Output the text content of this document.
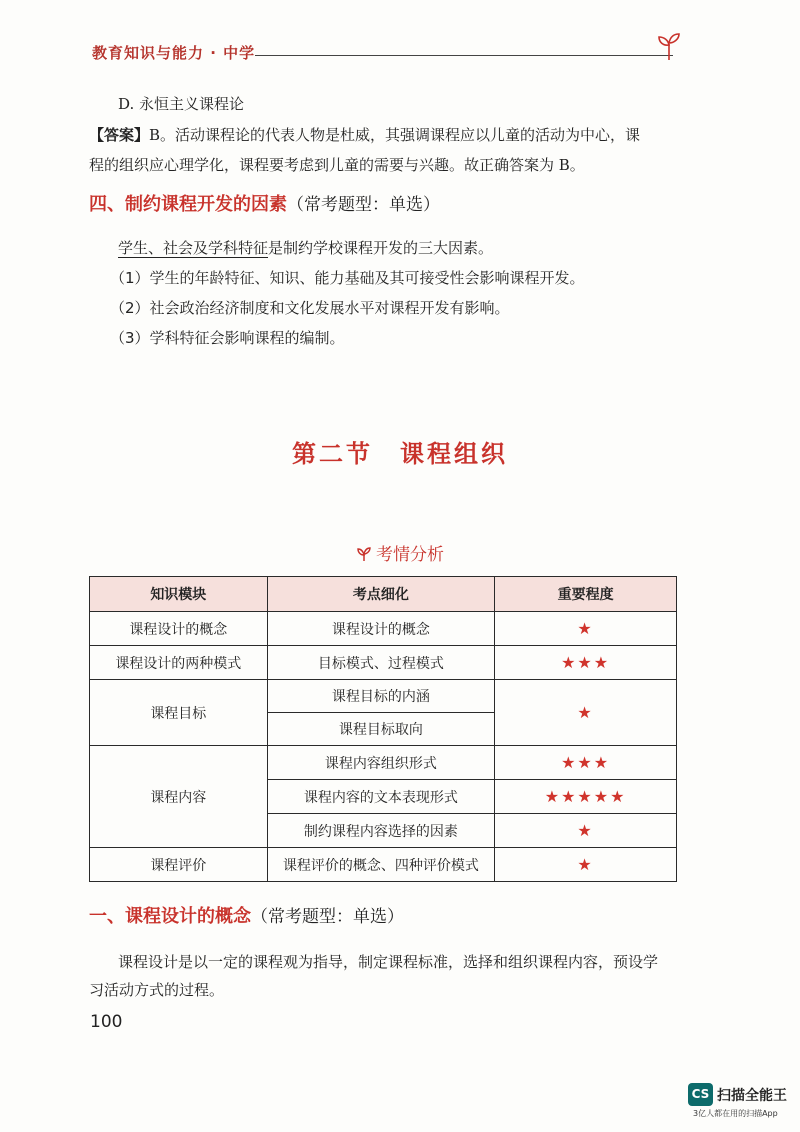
教育知识与能力 · 中学
D. 永恒主义课程论
【答案】B。活动课程论的代表人物是杜威，其强调课程应以儿童的活动为中心，课
程的组织应心理学化，课程要考虑到儿童的需要与兴趣。故正确答案为 B。
四、制约课程开发的因素（常考题型：单选）
学生、社会及学科特征是制约学校课程开发的三大因素。
（1）学生的年龄特征、知识、能力基础及其可接受性会影响课程开发。
（2）社会政治经济制度和文化发展水平对课程开发有影响。
（3）学科特征会影响课程的编制。
第二节　课程组织
考情分析
知识模块	考点细化	重要程度
课程设计的概念	课程设计的概念	★
课程设计的两种模式	目标模式、过程模式	★★★
课程目标	课程目标的内涵	★
	课程目标取向	
课程内容	课程内容组织形式	★★★
	课程内容的文本表现形式	★★★★★
	制约课程内容选择的因素	★
课程评价	课程评价的概念、四种评价模式	★
一、课程设计的概念（常考题型：单选）
课程设计是以一定的课程观为指导，制定课程标准，选择和组织课程内容，预设学
习活动方式的过程。
100
CS 扫描全能王
3亿人都在用的扫描App
